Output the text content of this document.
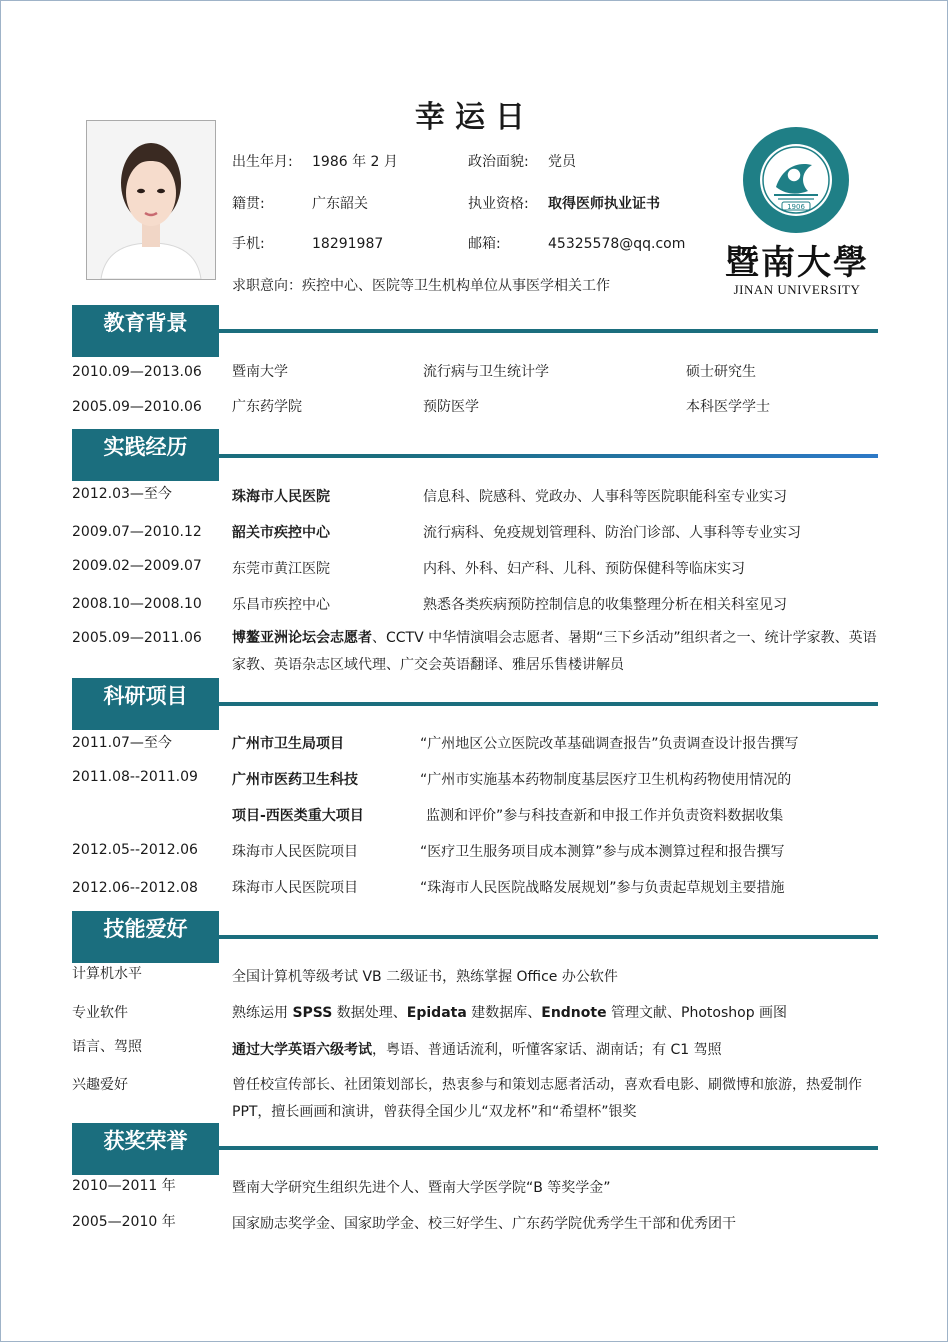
幸运日
出生年月: 1986 年 2 月	政治面貌: 党员
籍贯:	广东韶关	执业资格: 取得医师执业证书
手机:	18291987	邮箱:	45325578@qq.com
求职意向：疾控中心、医院等卫生机构单位从事医学相关工作
1906
暨南大學
JINAN UNIVERSITY
教育背景
2010.09—2013.06 暨南大学	流行病与卫生统计学	硕士研究生
2005.09—2010.06 广东药学院	预防医学	本科医学学士
实践经历
2012.03—至今	珠海市人民医院	信息科、院感科、党政办、人事科等医院职能科室专业实习
2009.07—2010.12 韶关市疾控中心	流行病科、免疫规划管理科、防治门诊部、人事科等专业实习
2009.02—2009.07 东莞市黄江医院	内科、外科、妇产科、儿科、预防保健科等临床实习
2008.10—2008.10 乐昌市疾控中心	熟悉各类疾病预防控制信息的收集整理分析在相关科室见习
2005.09—2011.06 博鳌亚洲论坛会志愿者、CCTV 中华情演唱会志愿者、暑期“三下乡活动”组织者之一、统计学家教、英语家教、英语杂志区域代理、广交会英语翻译、雅居乐售楼讲解员
科研项目
2011.07—至今	广州市卫生局项目	“广州地区公立医院改革基础调查报告”负责调查设计报告撰写
2011.08--2011.09 广州市医药卫生科技	“广州市实施基本药物制度基层医疗卫生机构药物使用情况的
项目-西医类重大项目	监测和评价”参与科技查新和申报工作并负责资料数据收集
2012.05--2012.06 珠海市人民医院项目	“医疗卫生服务项目成本测算”参与成本测算过程和报告撰写
2012.06--2012.08 珠海市人民医院项目	“珠海市人民医院战略发展规划”参与负责起草规划主要措施
技能爱好
计算机水平	全国计算机等级考试 VB 二级证书，熟练掌握 Office 办公软件
专业软件	熟练运用 SPSS 数据处理、Epidata 建数据库、Endnote 管理文献、Photoshop 画图
语言、驾照	通过大学英语六级考试，粤语、普通话流利，听懂客家话、湖南话；有 C1 驾照
兴趣爱好	曾任校宣传部长、社团策划部长，热衷参与和策划志愿者活动，喜欢看电影、刷微博和旅游，热爱制作 PPT，擅长画画和演讲，曾获得全国少儿“双龙杯”和“希望杯”银奖
获奖荣誉
2010—2011 年	暨南大学研究生组织先进个人、暨南大学医学院“B 等奖学金”
2005—2010 年	国家励志奖学金、国家助学金、校三好学生、广东药学院优秀学生干部和优秀团干
